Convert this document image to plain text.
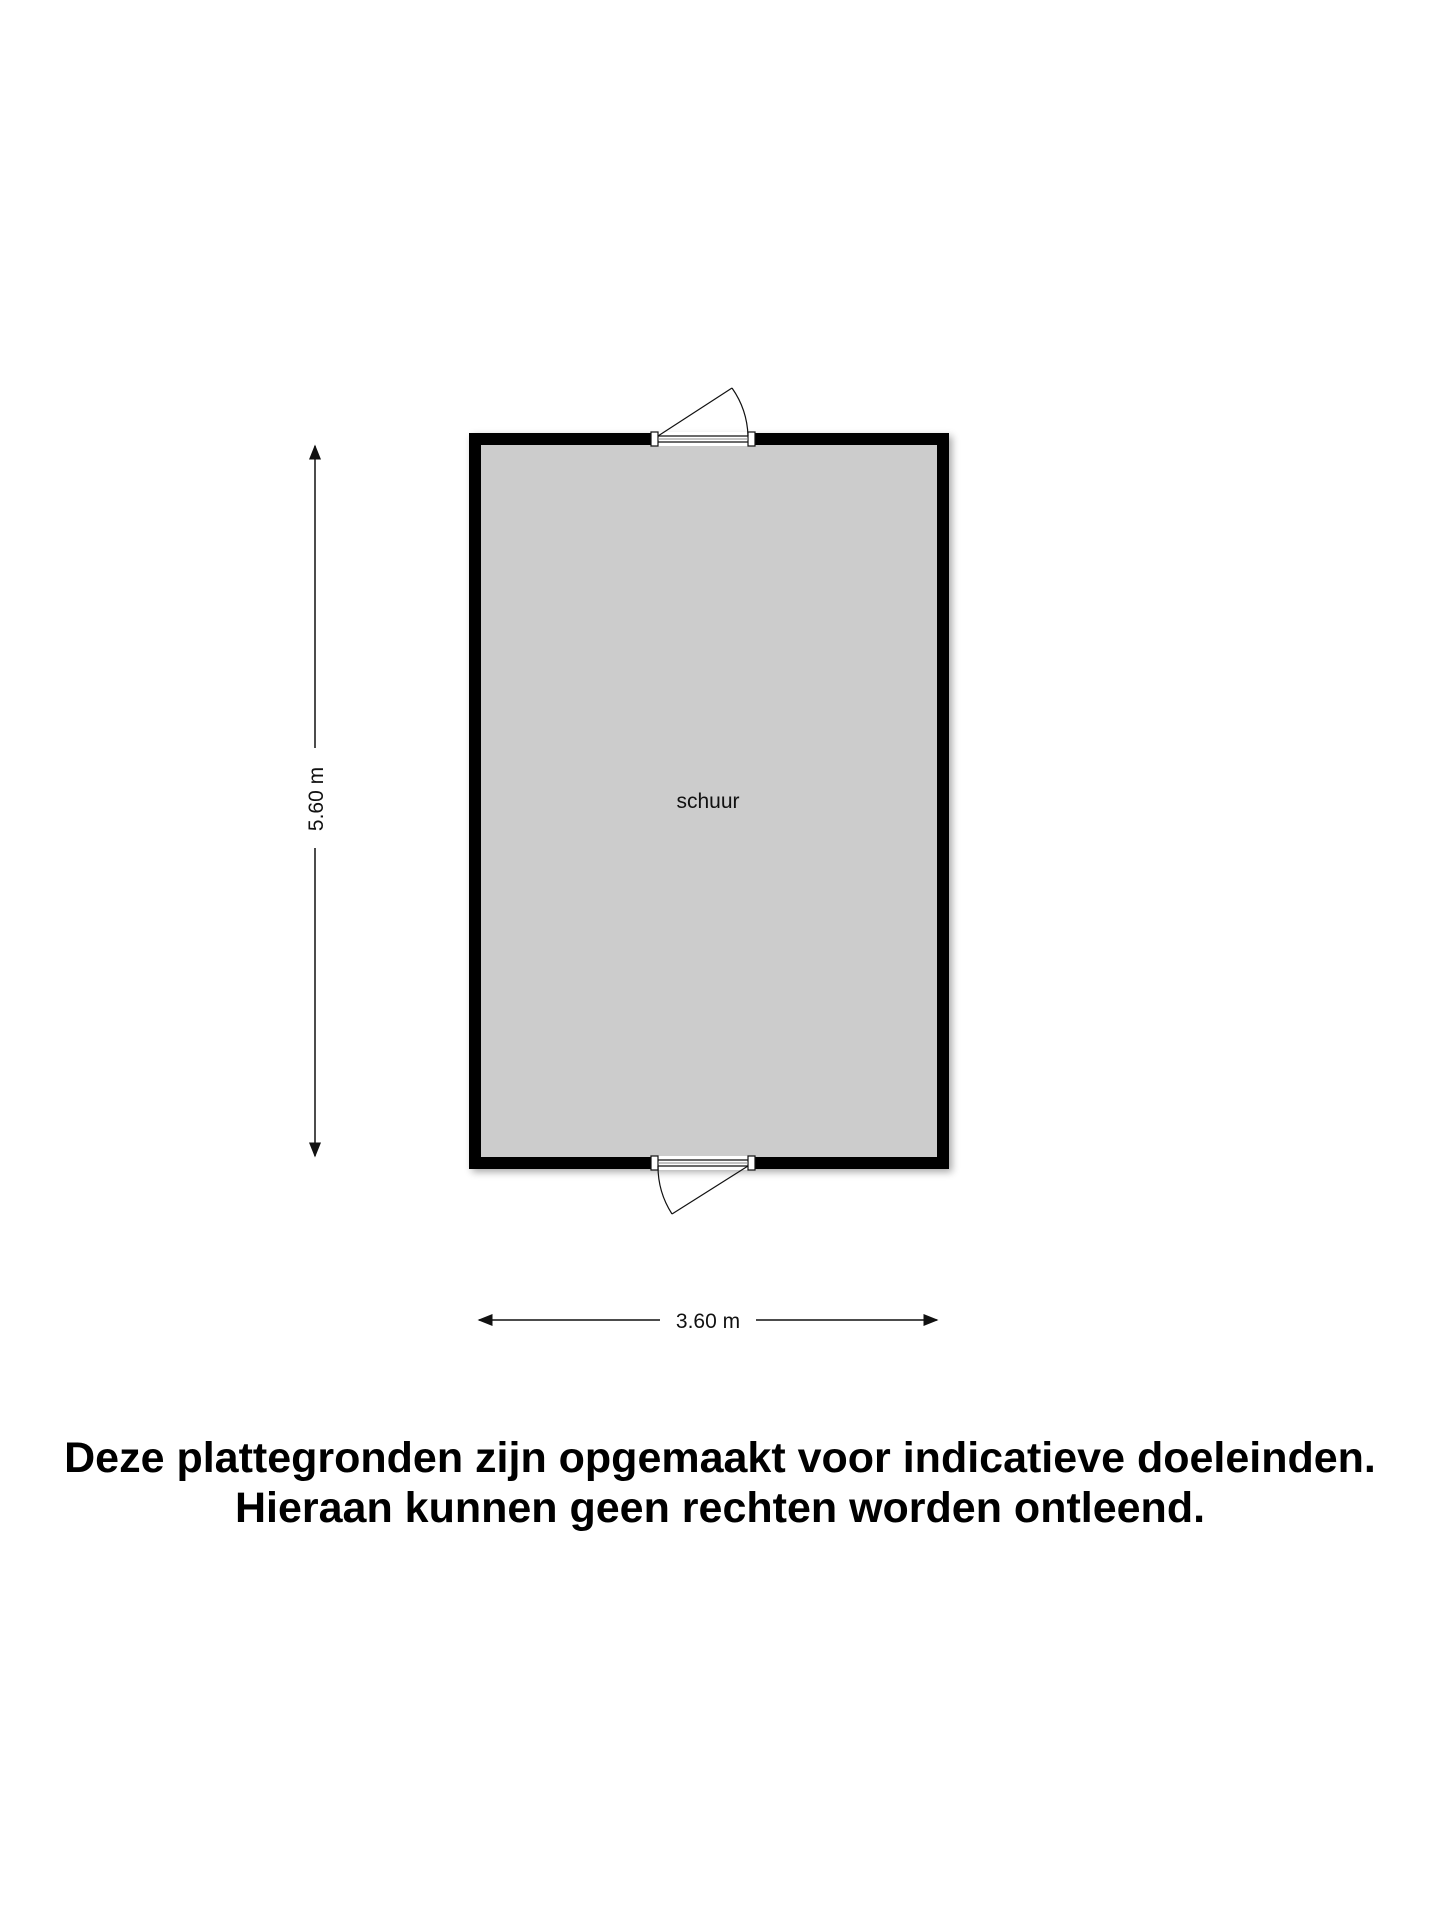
schuur
5.60 m
3.60 m

Deze plattegronden zijn opgemaakt voor indicatieve doeleinden.

Hieraan kunnen geen rechten worden ontleend.
